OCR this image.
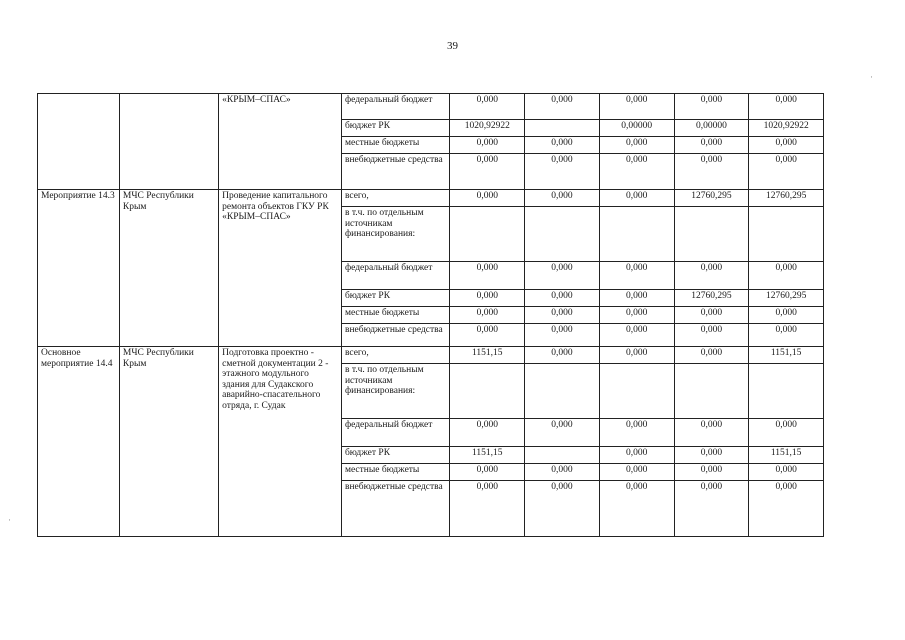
39
		«КРЫМ–СПАС»	федеральный бюджет	0,000	0,000	0,000	0,000	0,000
			бюджет РК	1020,92922		0,00000	0,00000	1020,92922
			местные бюджеты	0,000	0,000	0,000	0,000	0,000
			внебюджетные средства	0,000	0,000	0,000	0,000	0,000
Мероприятие 14.3	МЧС Республики Крым	Проведение капитального ремонта объектов ГКУ РК «КРЫМ–СПАС»	всего,	0,000	0,000	0,000	12760,295	12760,295
			в т.ч. по отдельным источникам финансирования:					
			федеральный бюджет	0,000	0,000	0,000	0,000	0,000
			бюджет РК	0,000	0,000	0,000	12760,295	12760,295
			местные бюджеты	0,000	0,000	0,000	0,000	0,000
			внебюджетные средства	0,000	0,000	0,000	0,000	0,000
Основное мероприятие 14.4	МЧС Республики Крым	Подготовка проектно - сметной документации 2 - этажного модульного здания для Судакского аварийно-спасательного отряда, г. Судак	всего,	1151,15	0,000	0,000	0,000	1151,15
			в т.ч. по отдельным источникам финансирования:					
			федеральный бюджет	0,000	0,000	0,000	0,000	0,000
			бюджет РК	1151,15		0,000	0,000	1151,15
			местные бюджеты	0,000	0,000	0,000	0,000	0,000
			внебюджетные средства	0,000	0,000	0,000	0,000	0,000
·
·
